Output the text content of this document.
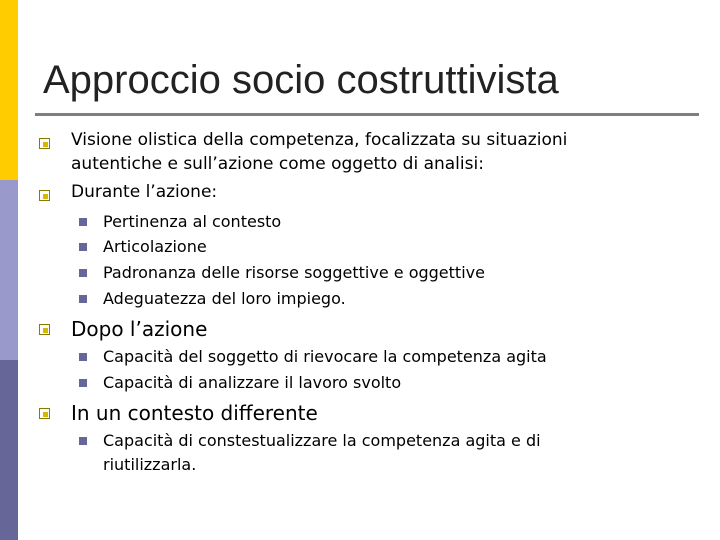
Approccio socio costruttivista
Visione olistica della competenza, focalizzata su situazioni
autentiche e sull’azione come oggetto di analisi:
Durante l’azione:
Pertinenza al contesto
Articolazione
Padronanza delle risorse soggettive e oggettive
Adeguatezza del loro impiego.
Dopo l’azione
Capacità del soggetto di rievocare la competenza agita
Capacità di analizzare il lavoro svolto
In un contesto differente
Capacità di constestualizzare la competenza agita e di
riutilizzarla.
